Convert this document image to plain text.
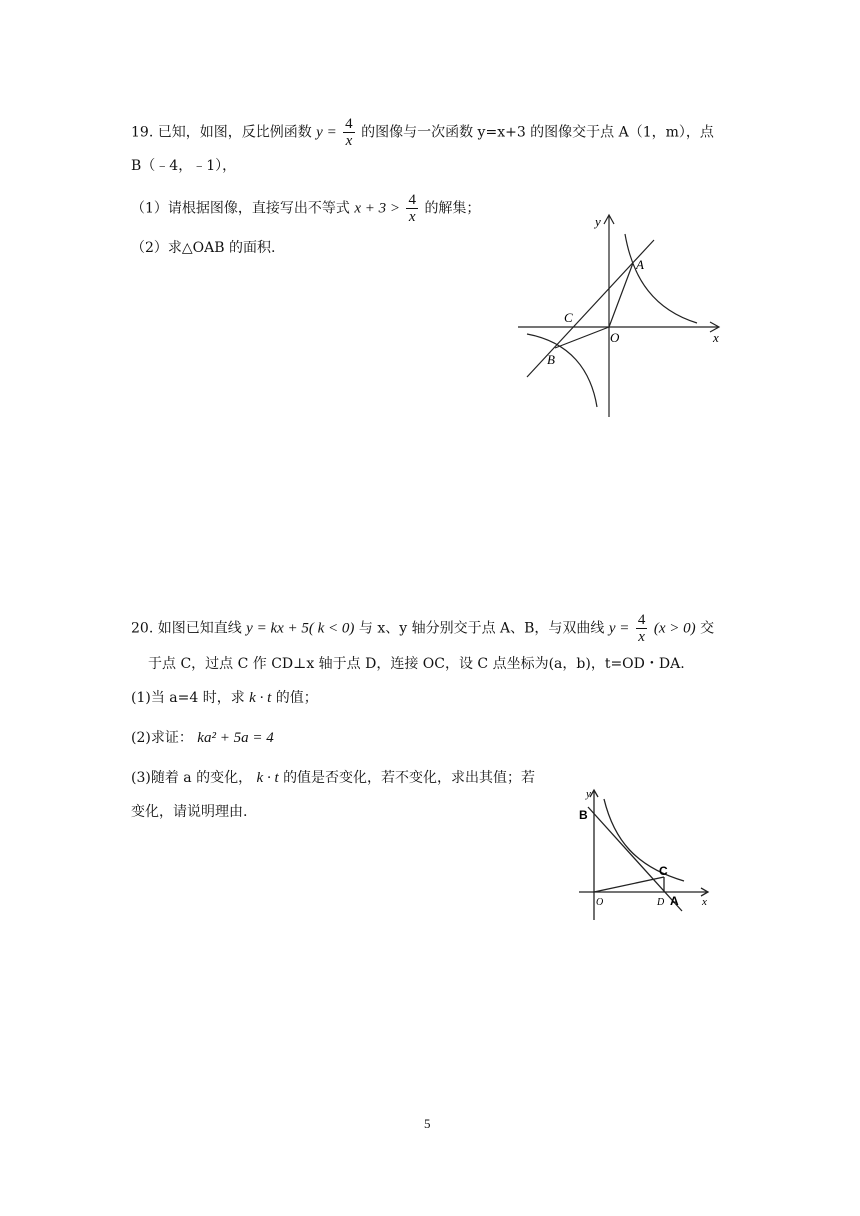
19. 已知，如图，反比例函数 $y = \frac{4}{x}$ 的图像与一次函数 y=x+3 的图像交于点 A（1，m），点
B（﹣4，﹣1），
（1）请根据图像，直接写出不等式 $x + 3 > \frac{4}{x}$ 的解集；
（2）求△OAB 的面积.
y
x
A
B
C
O
20. 如图已知直线 y = kx + 5( k < 0) 与 x、y 轴分别交于点 A、B，与双曲线 $y = \frac{4}{x} (x > 0)$ 交
于点 C，过点 C 作 CD⊥x 轴于点 D，连接 OC，设 C 点坐标为(a，b)，t=OD・DA.
(1)当 a=4 时，求 k · t 的值；
(2)求证： ka² + 5a = 4
(3)随着 a 的变化， k · t 的值是否变化，若不变化，求出其值；若
变化，请说明理由.
y
x
B
C
A
O	D
5
